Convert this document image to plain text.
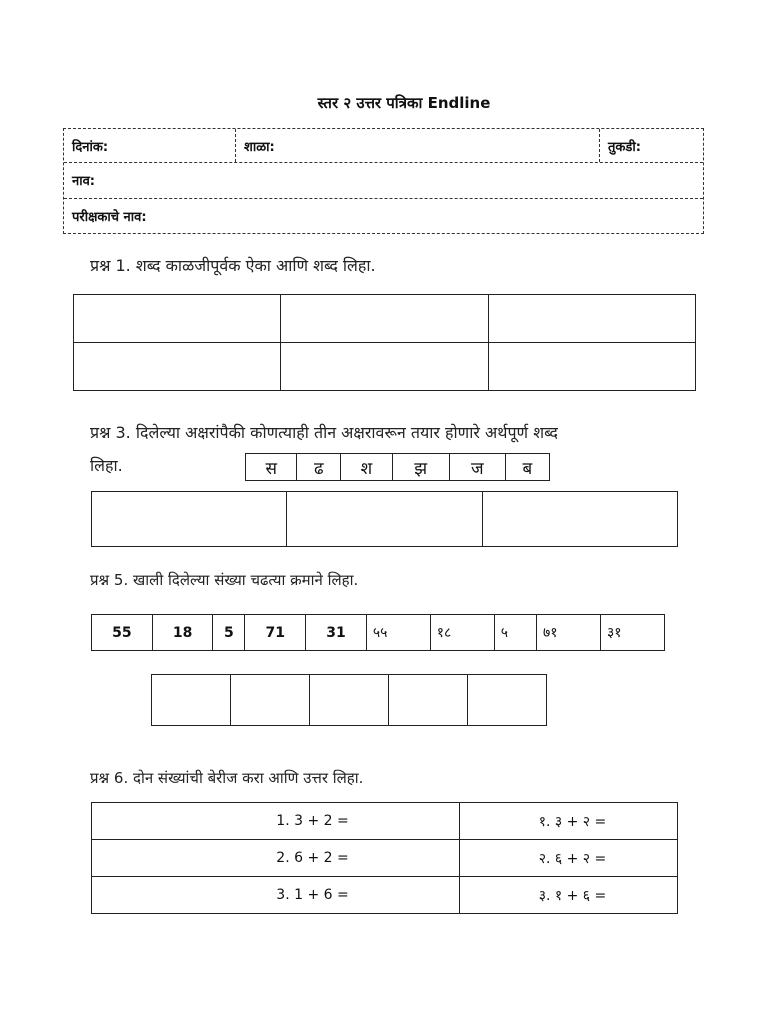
स्तर २ उत्तर पत्रिका Endline
दिनांक:	शाळा:	तुकडी:
नाव:
परीक्षकाचे नाव:
प्रश्न 1. शब्द काळजीपूर्वक ऐका आणि शब्द लिहा.

प्रश्न 3. दिलेल्या अक्षरांपैकी कोणत्याही तीन अक्षरावरून तयार होणारे अर्थपूर्ण शब्द
लिहा.	स	ढ	श	झ	ज	ब

प्रश्न 5. खाली दिलेल्या संख्या चढत्या क्रमाने लिहा.
55	18	5	71	31	५५	१८	५	७१	३१

प्रश्न 6. दोन संख्यांची बेरीज करा आणि उत्तर लिहा.
1. 3 + 2 =	१. ३ + २ =
2. 6 + 2 =	२. ६ + २ =
3. 1 + 6 =	३. १ + ६ =
